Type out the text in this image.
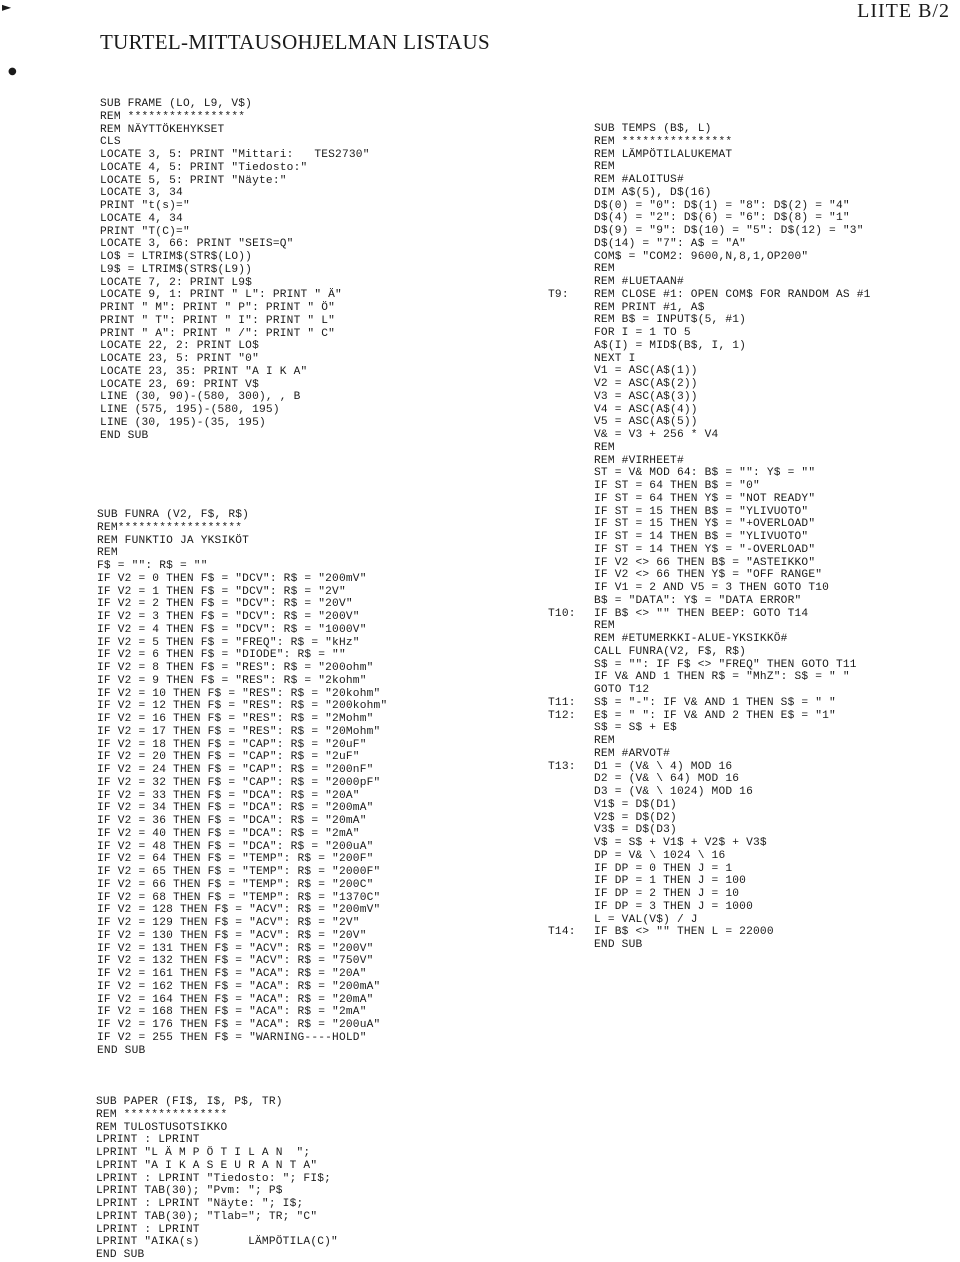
LIITE B/2
TURTEL-MITTAUSOHJELMAN LISTAUS
►
●
SUB FRAME (LO, L9, V$)
REM *****************
REM NÄYTTÖKEHYKSET
CLS
LOCATE 3, 5: PRINT "Mittari:   TES2730"
LOCATE 4, 5: PRINT "Tiedosto:"
LOCATE 5, 5: PRINT "Näyte:"
LOCATE 3, 34
PRINT "t(s)="
LOCATE 4, 34
PRINT "T(C)="
LOCATE 3, 66: PRINT "SEIS=Q"
LO$ = LTRIM$(STR$(LO))
L9$ = LTRIM$(STR$(L9))
LOCATE 7, 2: PRINT L9$
LOCATE 9, 1: PRINT " L": PRINT " Ä"
PRINT " M": PRINT " P": PRINT " Ö"
PRINT " T": PRINT " I": PRINT " L"
PRINT " A": PRINT " /": PRINT " C"
LOCATE 22, 2: PRINT LO$
LOCATE 23, 5: PRINT "0"
LOCATE 23, 35: PRINT "A I K A"
LOCATE 23, 69: PRINT V$
LINE (30, 90)-(580, 300), , B
LINE (575, 195)-(580, 195)
LINE (30, 195)-(35, 195)
END SUB
SUB FUNRA (V2, F$, R$)
REM******************
REM FUNKTIO JA YKSIKÖT
REM
F$ = "": R$ = ""
IF V2 = 0 THEN F$ = "DCV": R$ = "200mV"
IF V2 = 1 THEN F$ = "DCV": R$ = "2V"
IF V2 = 2 THEN F$ = "DCV": R$ = "20V"
IF V2 = 3 THEN F$ = "DCV": R$ = "200V"
IF V2 = 4 THEN F$ = "DCV": R$ = "1000V"
IF V2 = 5 THEN F$ = "FREQ": R$ = "kHz"
IF V2 = 6 THEN F$ = "DIODE": R$ = ""
IF V2 = 8 THEN F$ = "RES": R$ = "200ohm"
IF V2 = 9 THEN F$ = "RES": R$ = "2kohm"
IF V2 = 10 THEN F$ = "RES": R$ = "20kohm"
IF V2 = 12 THEN F$ = "RES": R$ = "200kohm"
IF V2 = 16 THEN F$ = "RES": R$ = "2Mohm"
IF V2 = 17 THEN F$ = "RES": R$ = "20Mohm"
IF V2 = 18 THEN F$ = "CAP": R$ = "20uF"
IF V2 = 20 THEN F$ = "CAP": R$ = "2uF"
IF V2 = 24 THEN F$ = "CAP": R$ = "200nF"
IF V2 = 32 THEN F$ = "CAP": R$ = "2000pF"
IF V2 = 33 THEN F$ = "DCA": R$ = "20A"
IF V2 = 34 THEN F$ = "DCA": R$ = "200mA"
IF V2 = 36 THEN F$ = "DCA": R$ = "20mA"
IF V2 = 40 THEN F$ = "DCA": R$ = "2mA"
IF V2 = 48 THEN F$ = "DCA": R$ = "200uA"
IF V2 = 64 THEN F$ = "TEMP": R$ = "200F"
IF V2 = 65 THEN F$ = "TEMP": R$ = "2000F"
IF V2 = 66 THEN F$ = "TEMP": R$ = "200C"
IF V2 = 68 THEN F$ = "TEMP": R$ = "1370C"
IF V2 = 128 THEN F$ = "ACV": R$ = "200mV"
IF V2 = 129 THEN F$ = "ACV": R$ = "2V"
IF V2 = 130 THEN F$ = "ACV": R$ = "20V"
IF V2 = 131 THEN F$ = "ACV": R$ = "200V"
IF V2 = 132 THEN F$ = "ACV": R$ = "750V"
IF V2 = 161 THEN F$ = "ACA": R$ = "20A"
IF V2 = 162 THEN F$ = "ACA": R$ = "200mA"
IF V2 = 164 THEN F$ = "ACA": R$ = "20mA"
IF V2 = 168 THEN F$ = "ACA": R$ = "2mA"
IF V2 = 176 THEN F$ = "ACA": R$ = "200uA"
IF V2 = 255 THEN F$ = "WARNING----HOLD"
END SUB
SUB PAPER (FI$, I$, P$, TR)
REM ***************
REM TULOSTUSOTSIKKO
LPRINT : LPRINT
LPRINT "L Ä M P Ö T I L A N  ";
LPRINT "A I K A S E U R A N T A"
LPRINT : LPRINT "Tiedosto: "; FI$;
LPRINT TAB(30); "Pvm: "; P$
LPRINT : LPRINT "Näyte: "; I$;
LPRINT TAB(30); "Tlab="; TR; "C"
LPRINT : LPRINT
LPRINT "AIKA(s)       LÄMPÖTILA(C)"
END SUB
SUB TEMPS (B$, L)
REM ****************
REM LÄMPÖTILALUKEMAT
REM
REM #ALOITUS#
DIM A$(5), D$(16)
D$(0) = "0": D$(1) = "8": D$(2) = "4"
D$(4) = "2": D$(6) = "6": D$(8) = "1"
D$(9) = "9": D$(10) = "5": D$(12) = "3"
D$(14) = "7": A$ = "A"
COM$ = "COM2: 9600,N,8,1,OP200"
REM
REM #LUETAAN#
T9: REM CLOSE #1: OPEN COM$ FOR RANDOM AS #1
REM PRINT #1, A$
REM B$ = INPUT$(5, #1)
FOR I = 1 TO 5
A$(I) = MID$(B$, I, 1)
NEXT I
V1 = ASC(A$(1))
V2 = ASC(A$(2))
V3 = ASC(A$(3))
V4 = ASC(A$(4))
V5 = ASC(A$(5))
V& = V3 + 256 * V4
REM
REM #VIRHEET#
ST = V& MOD 64: B$ = "": Y$ = ""
IF ST = 64 THEN B$ = "0"
IF ST = 64 THEN Y$ = "NOT READY"
IF ST = 15 THEN B$ = "YLIVUOTO"
IF ST = 15 THEN Y$ = "+OVERLOAD"
IF ST = 14 THEN B$ = "YLIVUOTO"
IF ST = 14 THEN Y$ = "-OVERLOAD"
IF V2 <> 66 THEN B$ = "ASTEIKKO"
IF V2 <> 66 THEN Y$ = "OFF RANGE"
IF V1 = 2 AND V5 = 3 THEN GOTO T10
B$ = "DATA": Y$ = "DATA ERROR"
T10: IF B$ <> "" THEN BEEP: GOTO T14
REM
REM #ETUMERKKI-ALUE-YKSIKKÖ#
CALL FUNRA(V2, F$, R$)
S$ = "": IF F$ <> "FREQ" THEN GOTO T11
IF V& AND 1 THEN R$ = "MhZ": S$ = " "
GOTO T12
T11: S$ = "-": IF V& AND 1 THEN S$ = " "
T12: E$ = " ": IF V& AND 2 THEN E$ = "1"
S$ = S$ + E$
REM
REM #ARVOT#
T13: D1 = (V& \ 4) MOD 16
D2 = (V& \ 64) MOD 16
D3 = (V& \ 1024) MOD 16
V1$ = D$(D1)
V2$ = D$(D2)
V3$ = D$(D3)
V$ = S$ + V1$ + V2$ + V3$
DP = V& \ 1024 \ 16
IF DP = 0 THEN J = 1
IF DP = 1 THEN J = 100
IF DP = 2 THEN J = 10
IF DP = 3 THEN J = 1000
L = VAL(V$) / J
T14: IF B$ <> "" THEN L = 22000
END SUB
